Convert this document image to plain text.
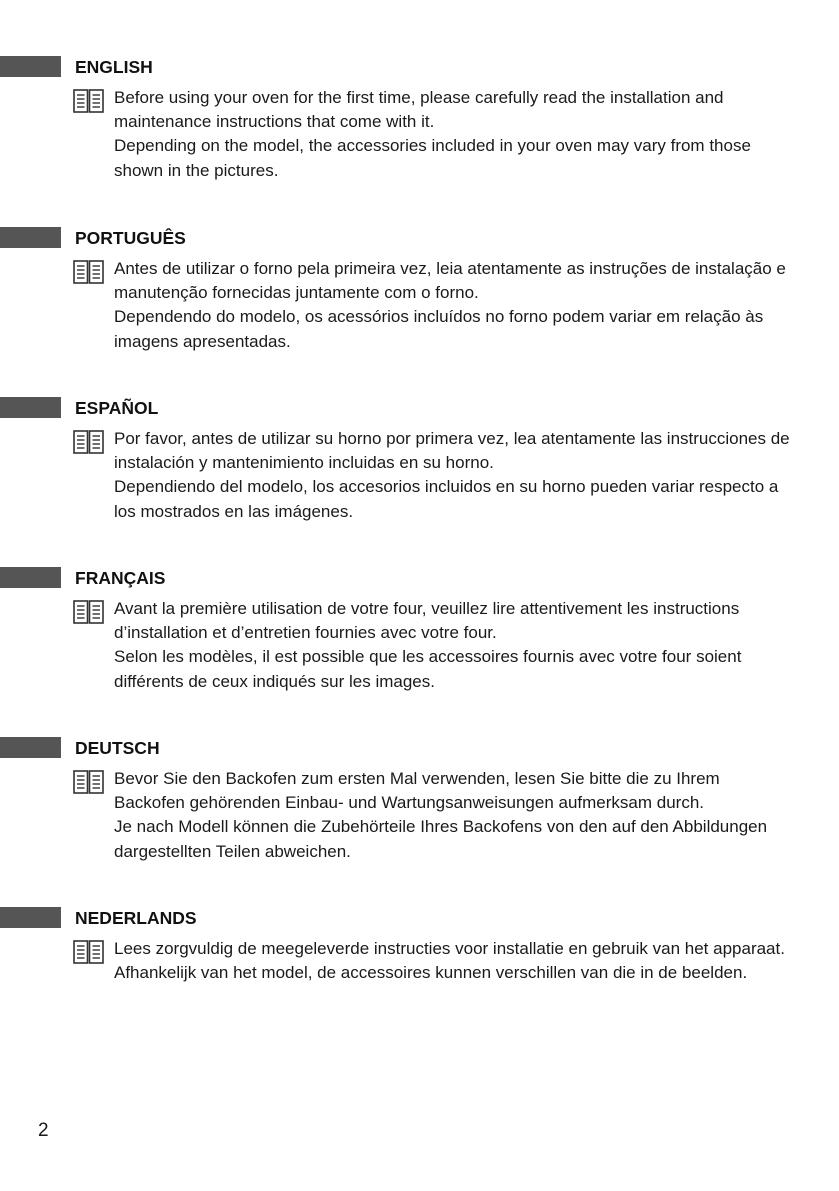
ENGLISH

Before using your oven for the first time, please carefully read the installation and maintenance instructions that come with it.

Depending on the model, the accessories included in your oven may vary from those shown in the pictures.

PORTUGUÊS

Antes de utilizar o forno pela primeira vez, leia atentamente as instruções de instalação e manutenção fornecidas juntamente com o forno.

Dependendo do modelo, os acessórios incluídos no forno podem variar em relação às imagens apresentadas.

ESPAÑOL

Por favor, antes de utilizar su horno por primera vez, lea atentamente las instrucciones de instalación y mantenimiento incluidas en su horno.

Dependiendo del modelo, los accesorios incluidos en su horno pueden variar respecto a los mostrados en las imágenes.

FRANÇAIS

Avant la première utilisation de votre four, veuillez lire attentivement les instructions d’installation et d’entretien fournies avec votre four.

Selon les modèles, il est possible que les accessoires fournis avec votre four soient différents de ceux indiqués sur les images.

DEUTSCH

Bevor Sie den Backofen zum ersten Mal verwenden, lesen Sie bitte die zu Ihrem Backofen gehörenden Einbau- und Wartungsanweisungen aufmerksam durch.

Je nach Modell können die Zubehörteile Ihres Backofens von den auf den Abbildungen dargestellten Teilen abweichen.

NEDERLANDS

Lees zorgvuldig de meegeleverde instructies voor installatie en gebruik van het apparaat.

Afhankelijk van het model, de accessoires kunnen verschillen van die in de beelden.

2
